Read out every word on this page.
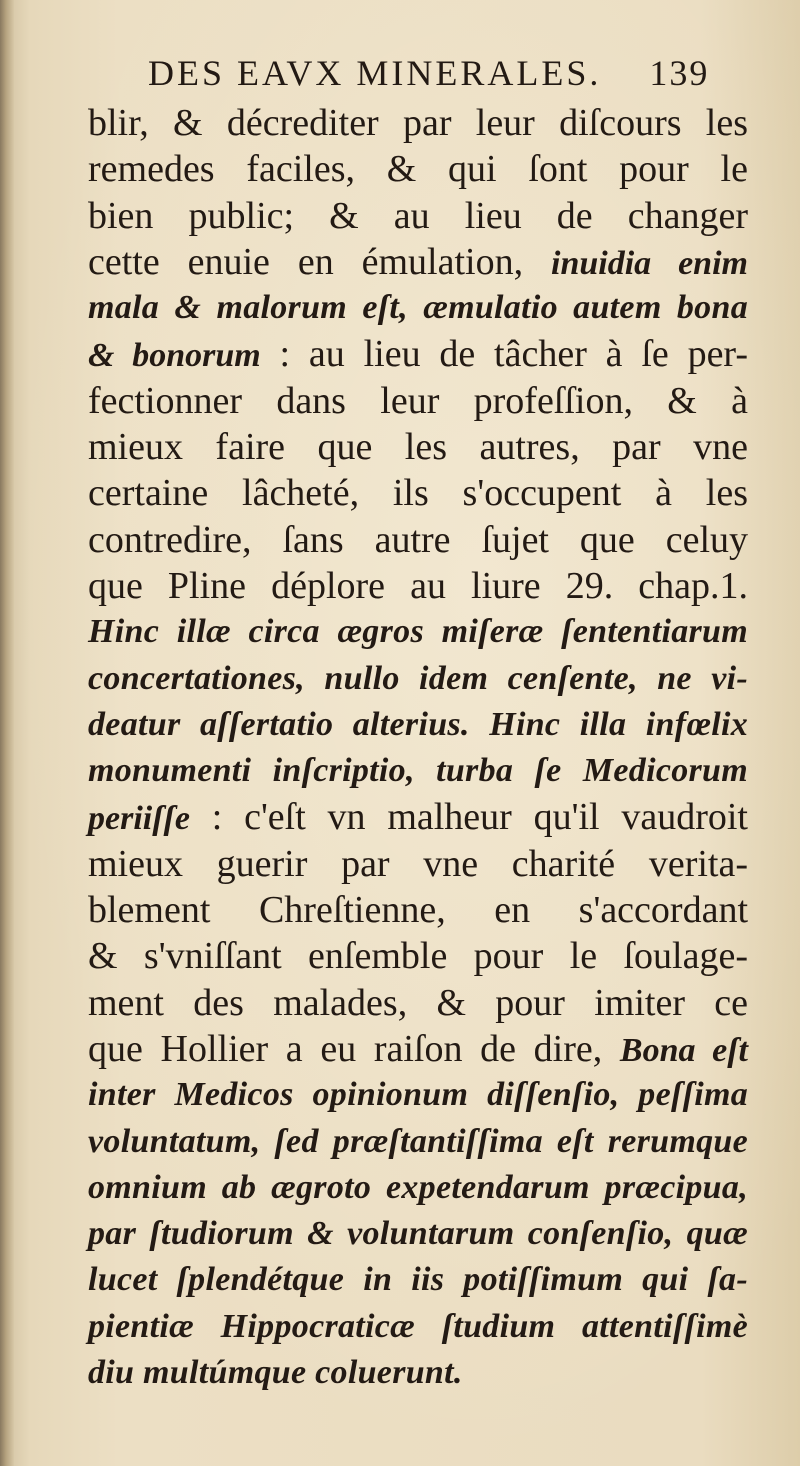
DES EAVX MINERALES. 139
blir, & décrediter par leur diſcours les
remedes faciles, & qui ſont pour le
bien public; & au lieu de changer
cette enuie en émulation, inuidia enim
mala & malorum eſt, æmulatio autem bona
& bonorum : au lieu de tâcher à ſe per-
fectionner dans leur profeſſion, & à
mieux faire que les autres, par vne
certaine lâcheté, ils s'occupent à les
contredire, ſans autre ſujet que celuy
que Pline déplore au liure 29. chap.1.
Hinc illæ circa ægros miſeræ ſententiarum
concertationes, nullo idem cenſente, ne vi-
deatur aſſertatio alterius. Hinc illa infœlix
monumenti inſcriptio, turba ſe Medicorum
periiſſe : c'eſt vn malheur qu'il vaudroit
mieux guerir par vne charité verita-
blement Chreſtienne, en s'accordant
& s'vniſſant enſemble pour le ſoulage-
ment des malades, & pour imiter ce
que Hollier a eu raiſon de dire, Bona eſt
inter Medicos opinionum diſſenſio, peſſima
voluntatum, ſed præſtantiſſima eſt rerumque
omnium ab ægroto expetendarum præcipua,
par ſtudiorum & voluntarum conſenſio, quæ
lucet ſplendétque in iis potiſſimum qui ſa-
pientiæ Hippocraticæ ſtudium attentiſſimè
diu multúmque coluerunt.
